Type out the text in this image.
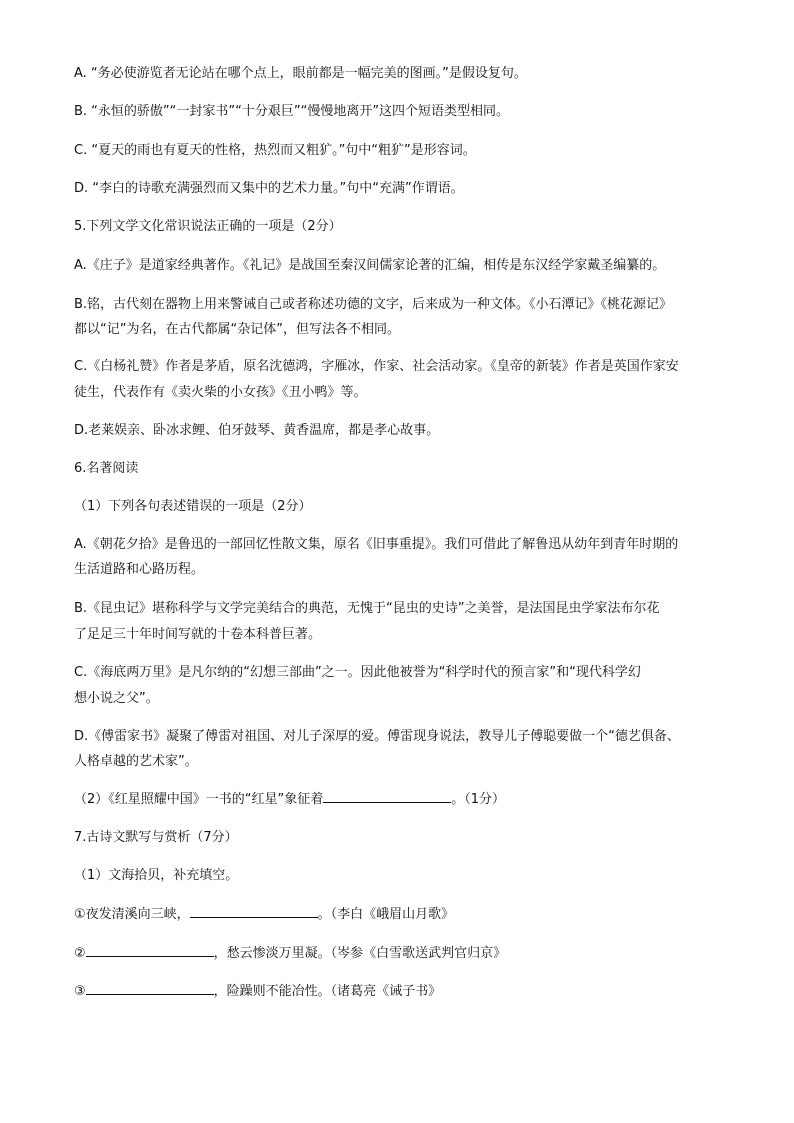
A. “务必使游览者无论站在哪个点上，眼前都是一幅完美的图画。”是假设复句。
B. “永恒的骄傲”“一封家书”“十分艰巨”“慢慢地离开”这四个短语类型相同。
C. “夏天的雨也有夏天的性格，热烈而又粗犷。”句中“粗犷”是形容词。
D. “李白的诗歌充满强烈而又集中的艺术力量。”句中“充满”作谓语。
5.下列文学文化常识说法正确的一项是（2分）
A.《庄子》是道家经典著作。《礼记》是战国至秦汉间儒家论著的汇编，相传是东汉经学家戴圣编纂的。
B.铭，古代刻在器物上用来警诫自己或者称述功德的文字，后来成为一种文体。《小石潭记》《桃花源记》
都以“记”为名，在古代都属“杂记体”，但写法各不相同。
C.《白杨礼赞》作者是茅盾，原名沈德鸿，字雁冰，作家、社会活动家。《皇帝的新装》作者是英国作家安
徒生，代表作有《卖火柴的小女孩》《丑小鸭》等。
D.老莱娱亲、卧冰求鲤、伯牙鼓琴、黄香温席，都是孝心故事。
6.名著阅读
（1）下列各句表述错误的一项是（2分）
A.《朝花夕拾》是鲁迅的一部回忆性散文集，原名《旧事重提》。我们可借此了解鲁迅从幼年到青年时期的
生活道路和心路历程。
B.《昆虫记》堪称科学与文学完美结合的典范，无愧于“昆虫的史诗”之美誉，是法国昆虫学家法布尔花
了足足三十年时间写就的十卷本科普巨著。
C.《海底两万里》是凡尔纳的“幻想三部曲”之一。因此他被誉为“科学时代的预言家”和“现代科学幻
想小说之父”。
D.《傅雷家书》凝聚了傅雷对祖国、对儿子深厚的爱。傅雷现身说法，教导儿子傅聪要做一个“德艺俱备、
人格卓越的艺术家”。
（2）《红星照耀中国》一书的“红星”象征着	。（1分）
7.古诗文默写与赏析（7分）
（1）文海拾贝，补充填空。
①夜发清溪向三峡，	。（李白《峨眉山月歌》
②	，愁云惨淡万里凝。（岑参《白雪歌送武判官归京》
③	，险躁则不能冶性。（诸葛亮《诫子书》
